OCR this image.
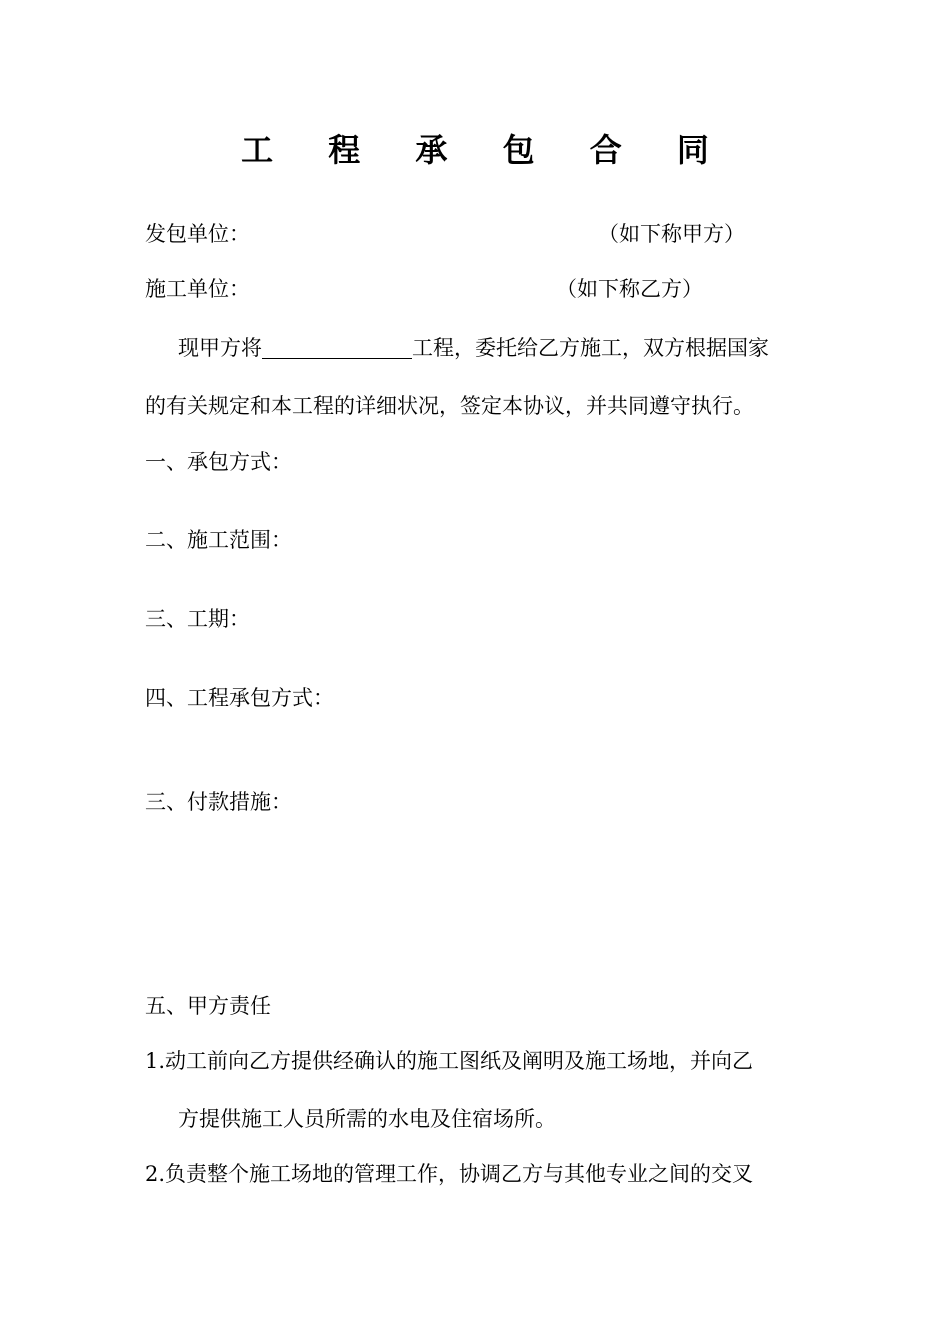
工 程 承 包 合 同
发包单位：	（如下称甲方）
施工单位：	（如下称乙方）
现甲方将	工程，委托给乙方施工，双方根据国家
的有关规定和本工程的详细状况，签定本协议，并共同遵守执行。
一、承包方式：
二、施工范围：
三、工期：
四、工程承包方式：
三、付款措施：
五、甲方责任
1.动工前向乙方提供经确认的施工图纸及阐明及施工场地，并向乙
方提供施工人员所需的水电及住宿场所。
2.负责整个施工场地的管理工作，协调乙方与其他专业之间的交叉
